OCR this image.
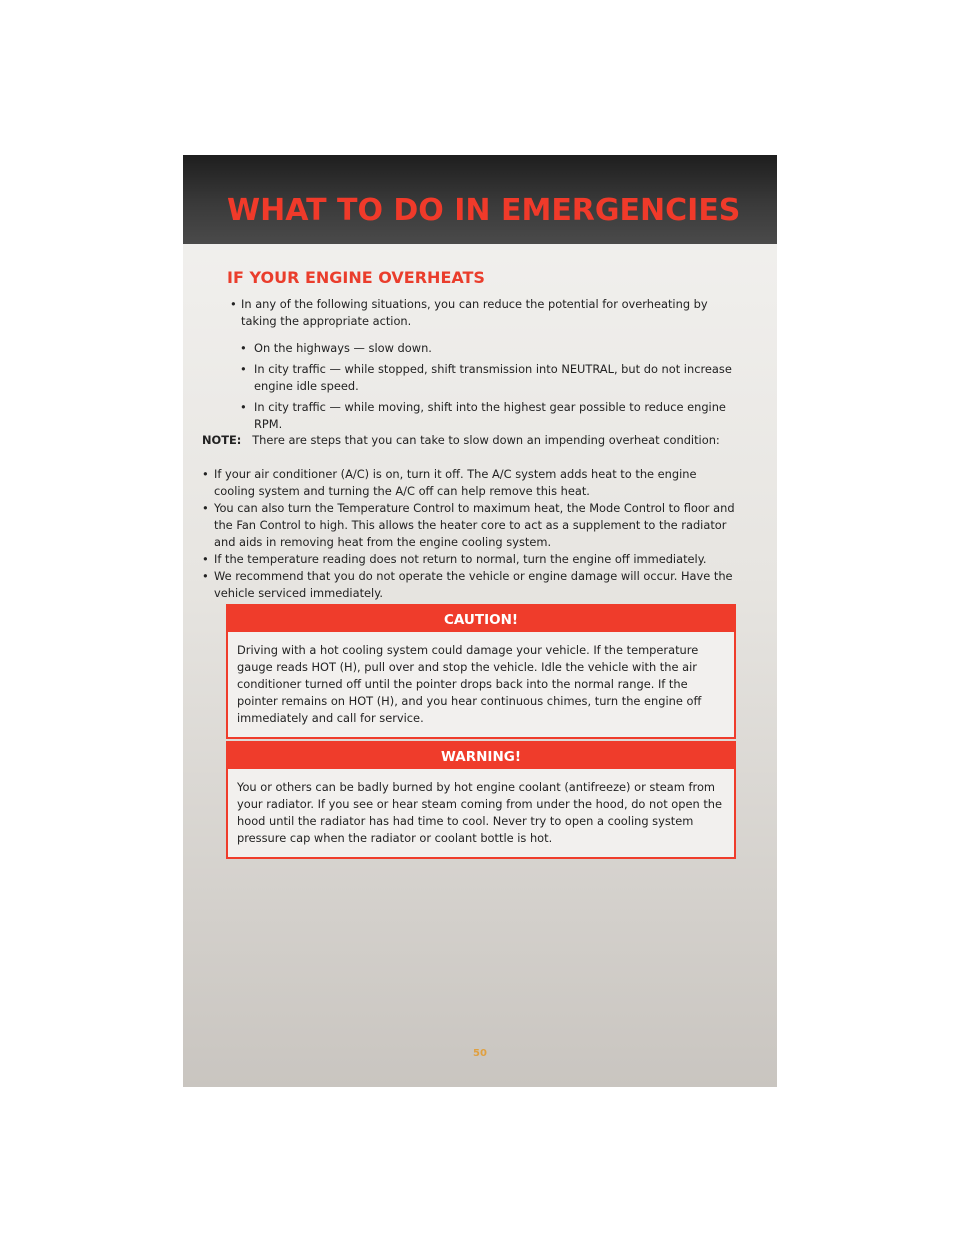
WHAT TO DO IN EMERGENCIES
IF YOUR ENGINE OVERHEATS
• In any of the following situations, you can reduce the potential for overheating by taking the appropriate action.
• On the highways — slow down.
• In city traffic — while stopped, shift transmission into NEUTRAL, but do not increase engine idle speed.
• In city traffic — while moving, shift into the highest gear possible to reduce engine RPM.
NOTE: There are steps that you can take to slow down an impending overheat condition:
• If your air conditioner (A/C) is on, turn it off. The A/C system adds heat to the engine cooling system and turning the A/C off can help remove this heat.
• You can also turn the Temperature Control to maximum heat, the Mode Control to floor and the Fan Control to high. This allows the heater core to act as a supplement to the radiator and aids in removing heat from the engine cooling system.
• If the temperature reading does not return to normal, turn the engine off immediately.
• We recommend that you do not operate the vehicle or engine damage will occur. Have the vehicle serviced immediately.
CAUTION!
Driving with a hot cooling system could damage your vehicle. If the temperature gauge reads HOT (H), pull over and stop the vehicle. Idle the vehicle with the air conditioner turned off until the pointer drops back into the normal range. If the pointer remains on HOT (H), and you hear continuous chimes, turn the engine off immediately and call for service.
WARNING!
You or others can be badly burned by hot engine coolant (antifreeze) or steam from your radiator. If you see or hear steam coming from under the hood, do not open the hood until the radiator has had time to cool. Never try to open a cooling system pressure cap when the radiator or coolant bottle is hot.
50
